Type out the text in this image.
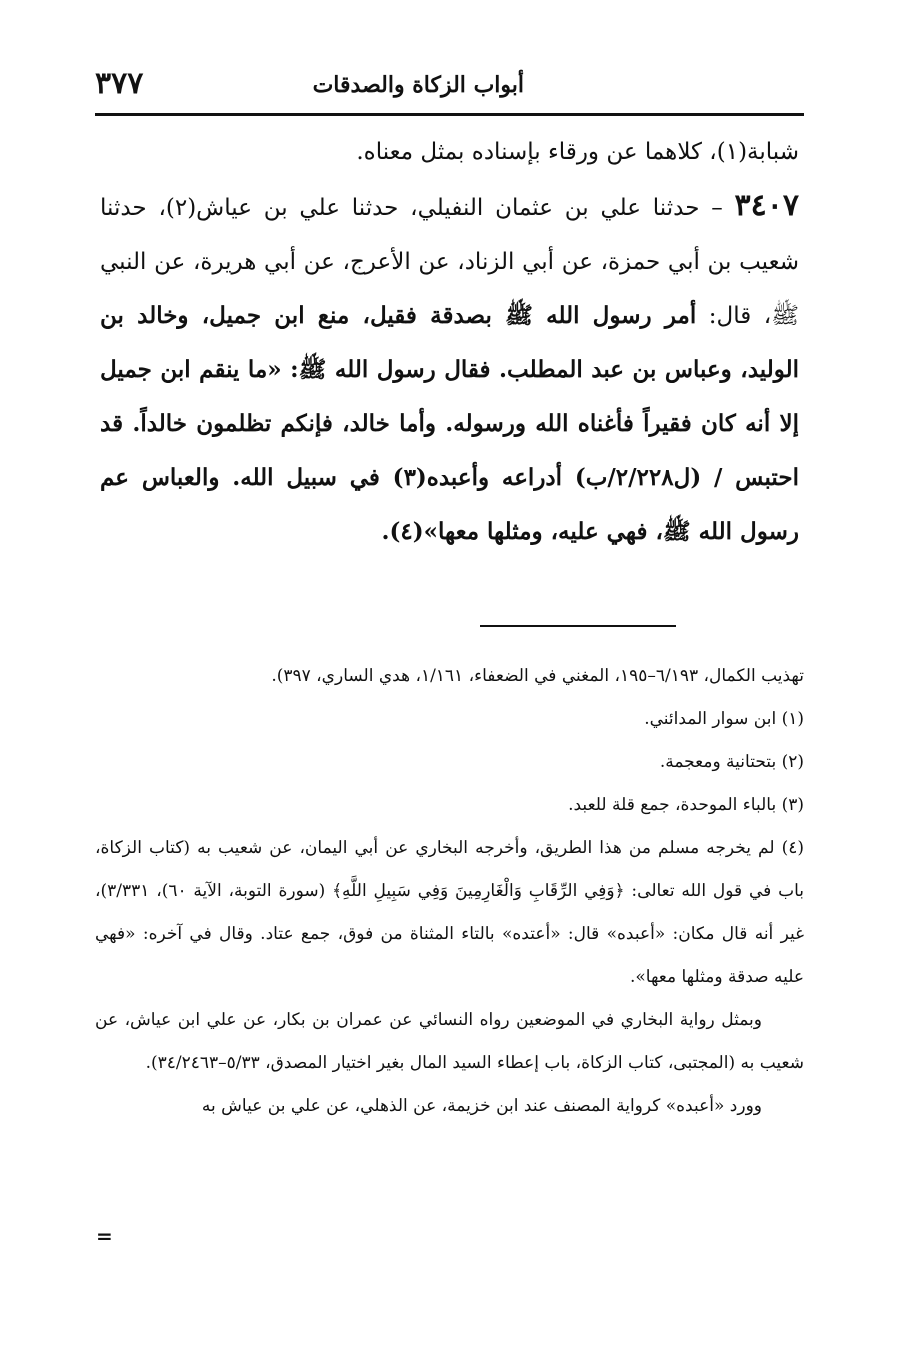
أبواب الزكاة والصدقات
٣٧٧

شبابة(١)، كلاهما عن ورقاء بإسناده بمثل معناه.

٣٤٠٧ – حدثنا علي بن عثمان النفيلي، حدثنا علي بن عياش(٢)، حدثنا شعيب بن أبي حمزة، عن أبي الزناد، عن الأعرج، عن أبي هريرة، عن النبي ﷺ، قال: أمر رسول الله ﷺ بصدقة فقيل، منع ابن جميل، وخالد بن الوليد، وعباس بن عبد المطلب. فقال رسول الله ﷺ: «ما ينقم ابن جميل إلا أنه كان فقيراً فأغناه الله ورسوله. وأما خالد، فإنكم تظلمون خالداً. قد احتبس / (ل٢/٢٢٨/ب) أدراعه وأعبده(٣) في سبيل الله. والعباس عم رسول الله ﷺ، فهي عليه، ومثلها معها»(٤).

تهذيب الكمال، ٦/١٩٣–١٩٥، المغني في الضعفاء، ١/١٦١، هدي الساري، ٣٩٧).

(١) ابن سوار المدائني.

(٢) بتحتانية ومعجمة.

(٣) بالباء الموحدة، جمع قلة للعبد.

(٤) لم يخرجه مسلم من هذا الطريق، وأخرجه البخاري عن أبي اليمان، عن شعيب به (كتاب الزكاة، باب في قول الله تعالى: ﴿وَفِي الرِّقَابِ وَالْغَارِمِينَ وَفِي سَبِيلِ اللَّهِ﴾ (سورة التوبة، الآية ٦٠)، ٣/٣٣١)، غير أنه قال مكان: «أعبده» قال: «أعتده» بالتاء المثناة من فوق، جمع عتاد. وقال في آخره: «فهي عليه صدقة ومثلها معها».

وبمثل رواية البخاري في الموضعين رواه النسائي عن عمران بن بكار، عن علي ابن عياش، عن شعيب به (المجتبى، كتاب الزكاة، باب إعطاء السيد المال بغير اختيار المصدق، ٥/٣٣–٣٤/٢٤٦٣).

وورد «أعبده» كرواية المصنف عند ابن خزيمة، عن الذهلي، عن علي بن عياش به

=
